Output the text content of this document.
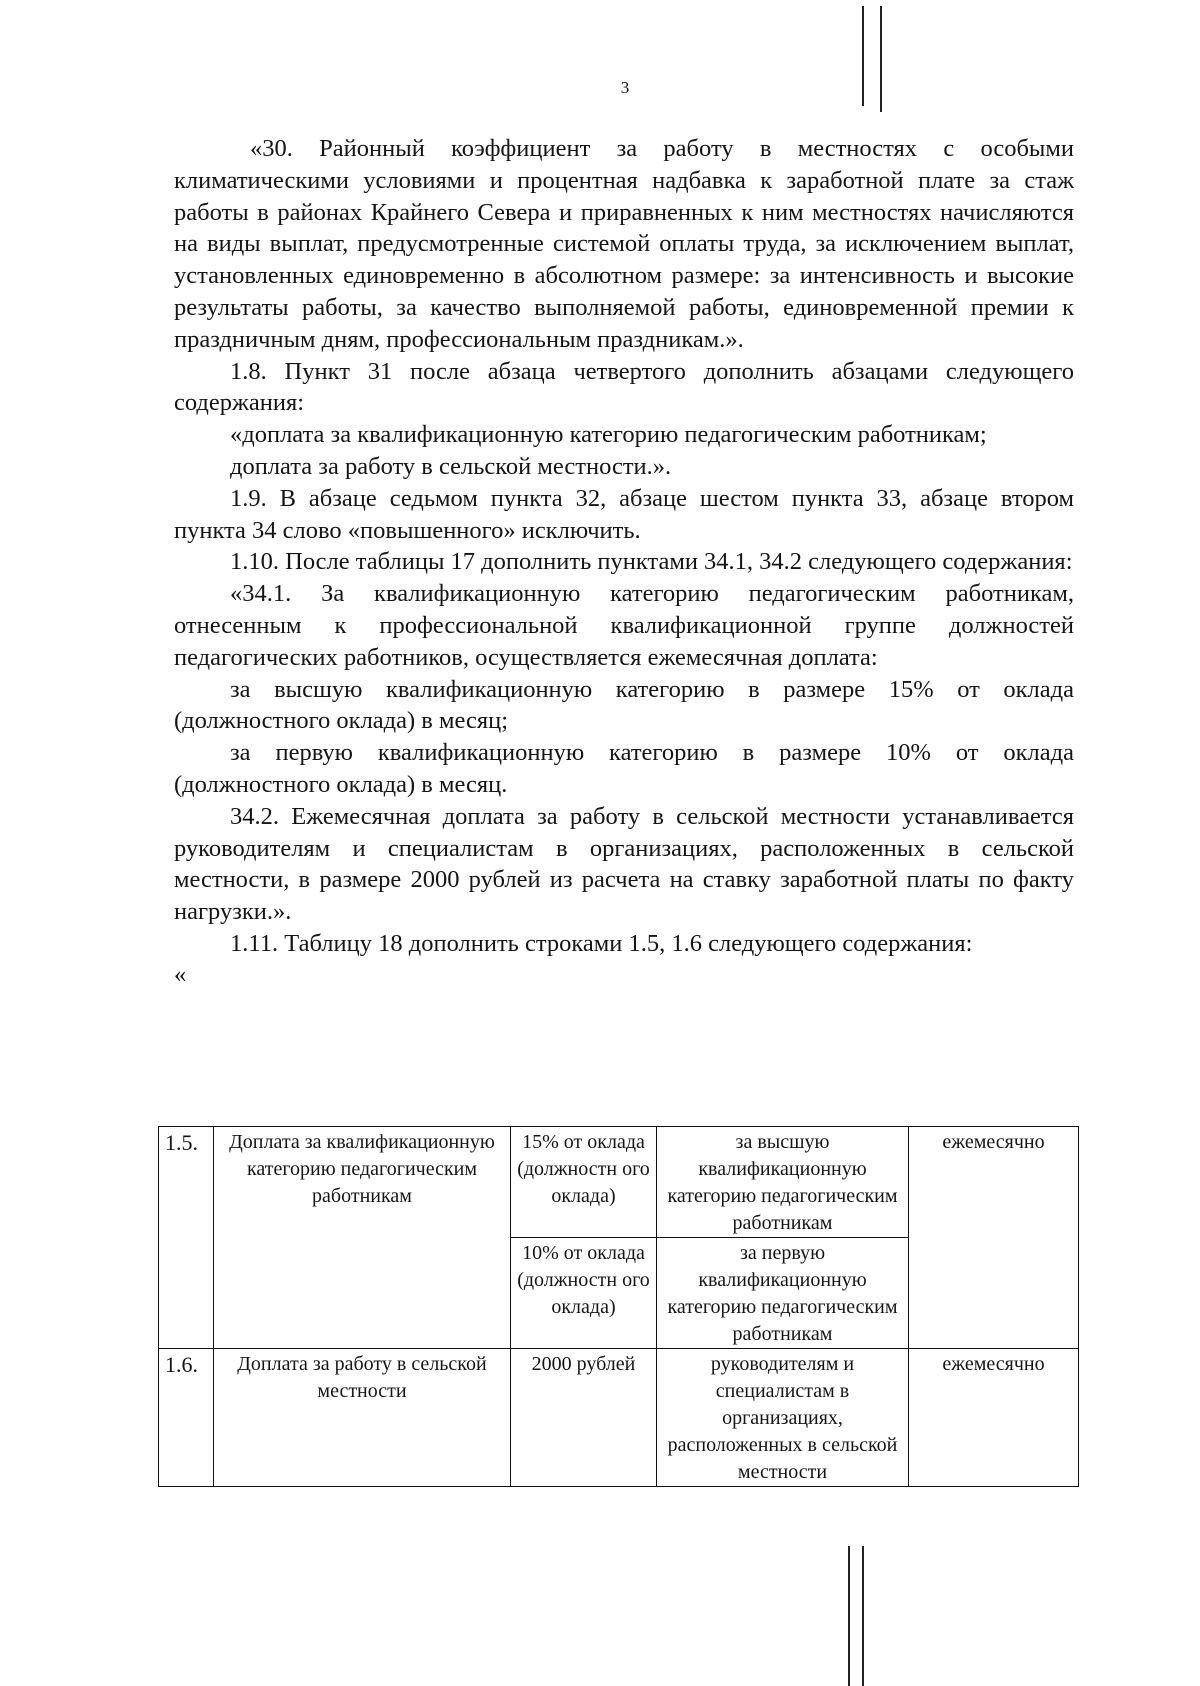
3

«30. Районный коэффициент за работу в местностях с особыми климатическими условиями и процентная надбавка к заработной плате за стаж работы в районах Крайнего Севера и приравненных к ним местностях начисляются на виды выплат, предусмотренные системой оплаты труда, за исключением выплат, установленных единовременно в абсолютном размере: за интенсивность и высокие результаты работы, за качество выполняемой работы, единовременной премии к праздничным дням, профессиональным праздникам.».

1.8. Пункт 31 после абзаца четвертого дополнить абзацами следующего содержания:

«доплата за квалификационную категорию педагогическим работникам;

доплата за работу в сельской местности.».

1.9. В абзаце седьмом пункта 32, абзаце шестом пункта 33, абзаце втором пункта 34 слово «повышенного» исключить.

1.10. После таблицы 17 дополнить пунктами 34.1, 34.2 следующего содержания:

«34.1. За квалификационную категорию педагогическим работникам, отнесенным к профессиональной квалификационной группе должностей педагогических работников, осуществляется ежемесячная доплата:

за высшую квалификационную категорию в размере 15% от оклада (должностного оклада) в месяц;

за первую квалификационную категорию в размере 10% от оклада (должностного оклада) в месяц.

34.2. Ежемесячная доплата за работу в сельской местности устанавливается руководителям и специалистам в организациях, расположенных в сельской местности, в размере 2000 рублей из расчета на ставку заработной платы по факту нагрузки.».

1.11. Таблицу 18 дополнить строками 1.5, 1.6 следующего содержания:

«

1.5.	Доплата за квалификационную категорию педагогическим работникам	15% от оклада (должностн ого оклада)	за высшую квалификационную категорию педагогическим работникам	ежемесячно
		10% от оклада (должностн ого оклада)	за первую квалификационную категорию педагогическим работникам	
1.6.	Доплата за работу в сельской местности	2000 рублей	руководителям и специалистам в организациях, расположенных в сельской местности	ежемесячно
